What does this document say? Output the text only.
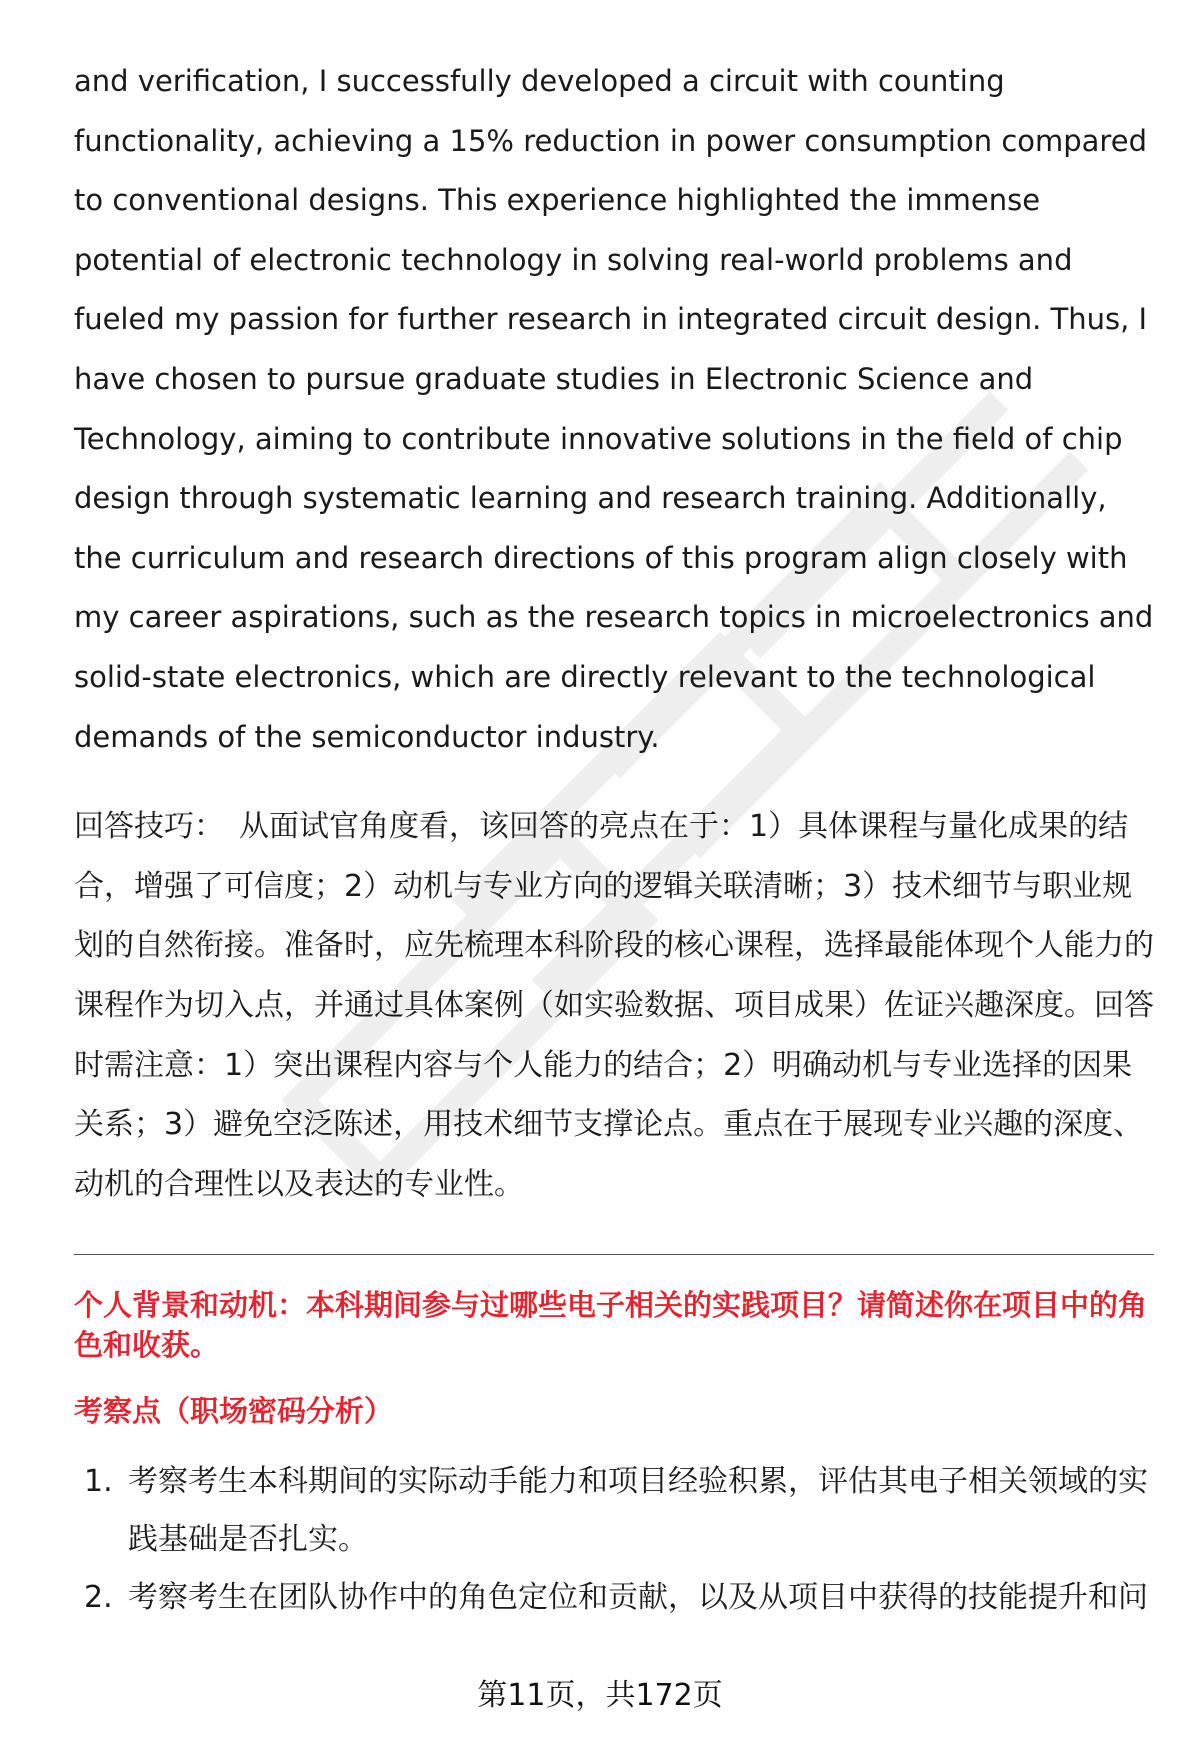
and verification, I successfully developed a circuit with counting functionality, achieving a 15% reduction in power consumption compared to conventional designs. This experience highlighted the immense potential of electronic technology in solving real-world problems and fueled my passion for further research in integrated circuit design. Thus, I have chosen to pursue graduate studies in Electronic Science and Technology, aiming to contribute innovative solutions in the field of chip design through systematic learning and research training. Additionally, the curriculum and research directions of this program align closely with my career aspirations, such as the research topics in microelectronics and solid-state electronics, which are directly relevant to the technological demands of the semiconductor industry.

回答技巧：  从面试官角度看，该回答的亮点在于：1）具体课程与量化成果的结合，增强了可信度；2）动机与专业方向的逻辑关联清晰；3）技术细节与职业规划的自然衔接。准备时，应先梳理本科阶段的核心课程，选择最能体现个人能力的课程作为切入点，并通过具体案例（如实验数据、项目成果）佐证兴趣深度。回答时需注意：1）突出课程内容与个人能力的结合；2）明确动机与专业选择的因果关系；3）避免空泛陈述，用技术细节支撑论点。重点在于展现专业兴趣的深度、动机的合理性以及表达的专业性。

个人背景和动机：本科期间参与过哪些电子相关的实践项目？请简述你在项目中的角色和收获。
考察点（职场密码分析）
1. 考察考生本科期间的实际动手能力和项目经验积累，评估其电子相关领域的实践基础是否扎实。
2. 考察考生在团队协作中的角色定位和贡献，以及从项目中获得的技能提升和问
第11页，共172页
